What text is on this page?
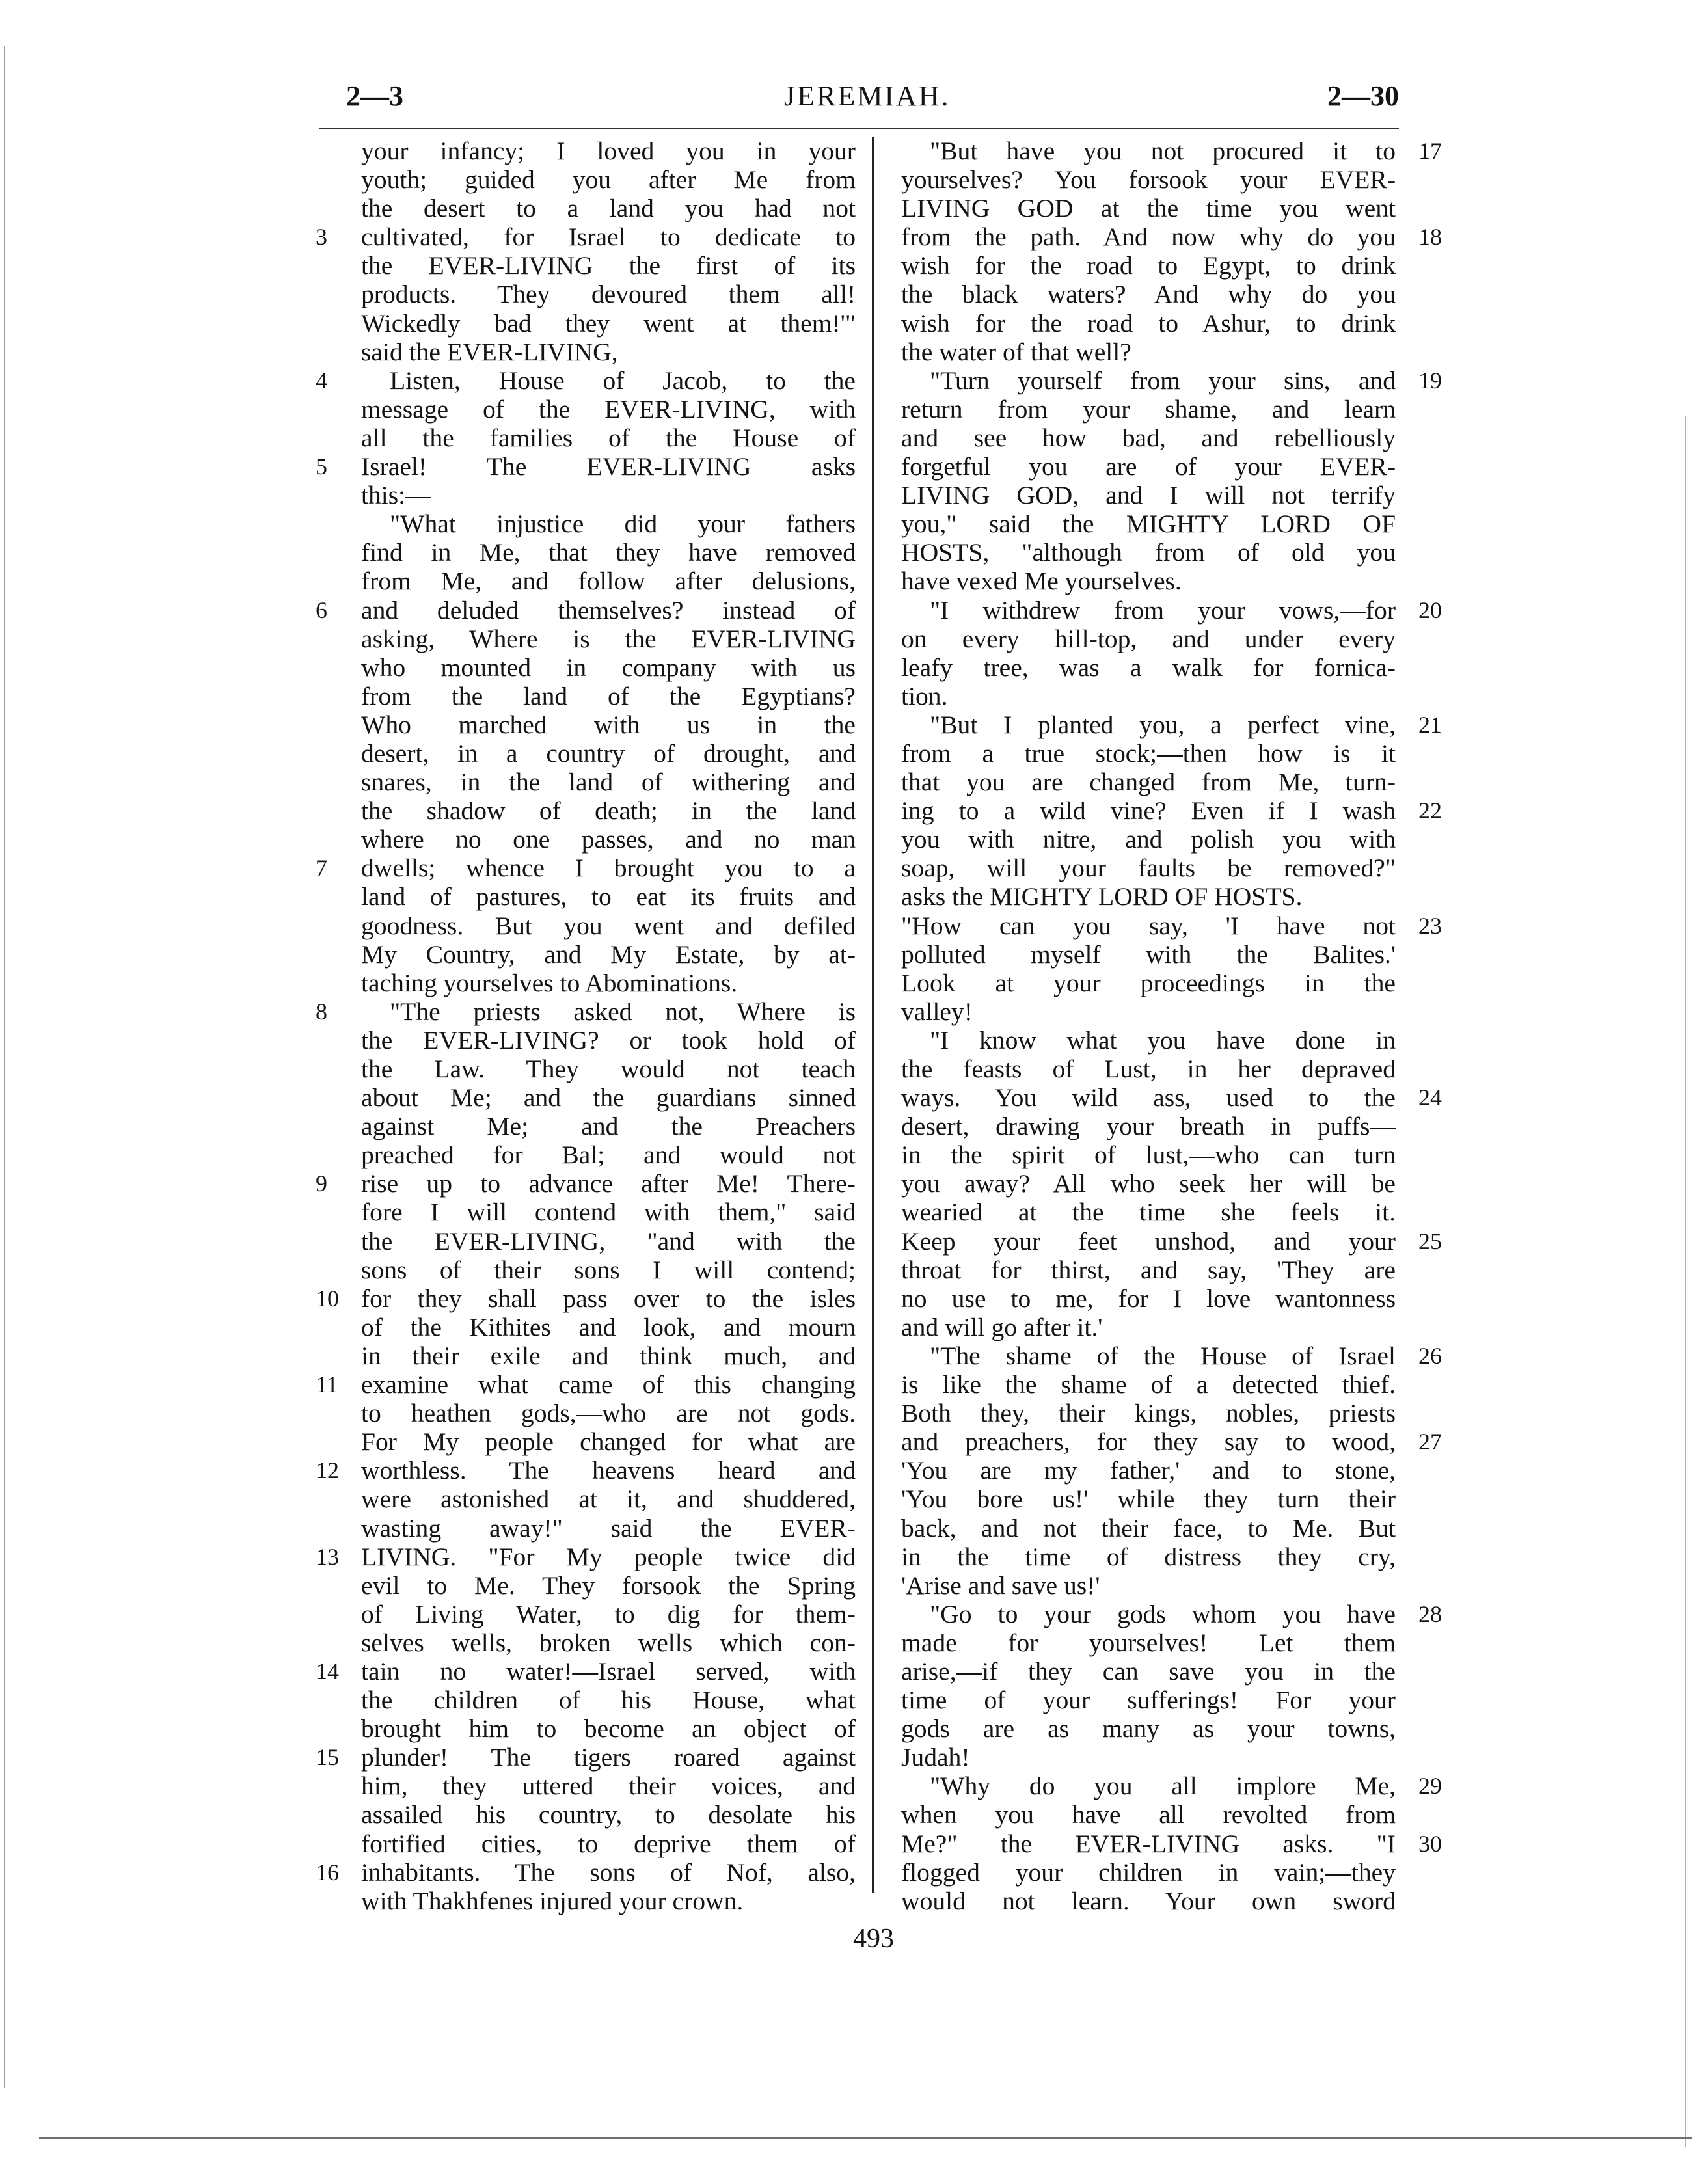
2—3	JEREMIAH.	2—30
your infancy; I loved you in your
youth; guided you after Me from
the desert to a land you had not
3	cultivated, for Israel to dedicate to
the EVER-LIVING the first of its
products. They devoured them all!
Wickedly bad they went at them!'"
said the EVER-LIVING,
4	Listen, House of Jacob, to the
message of the EVER-LIVING, with
all the families of the House of
5	Israel! The EVER-LIVING asks
this:—
"What injustice did your fathers
find in Me, that they have removed
from Me, and follow after delusions,
6	and deluded themselves? instead of
asking, Where is the EVER-LIVING
who mounted in company with us
from the land of the Egyptians?
Who marched with us in the
desert, in a country of drought, and
snares, in the land of withering and
the shadow of death; in the land
where no one passes, and no man
7	dwells; whence I brought you to a
land of pastures, to eat its fruits and
goodness. But you went and defiled
My Country, and My Estate, by at-
taching yourselves to Abominations.
8	"The priests asked not, Where is
the EVER-LIVING? or took hold of
the Law. They would not teach
about Me; and the guardians sinned
against Me; and the Preachers
preached for Bal; and would not
9	rise up to advance after Me! There-
fore I will contend with them," said
the EVER-LIVING, "and with the
sons of their sons I will contend;
10 for they shall pass over to the isles
of the Kithites and look, and mourn
in their exile and think much, and
11 examine what came of this changing
to heathen gods,—who are not gods.
For My people changed for what are
12 worthless. The heavens heard and
were astonished at it, and shuddered,
wasting away!" said the EVER-
13 LIVING. "For My people twice did
evil to Me. They forsook the Spring
of Living Water, to dig for them-
selves wells, broken wells which con-
14 tain no water!—Israel served, with
the children of his House, what
brought him to become an object of
15 plunder! The tigers roared against
him, they uttered their voices, and
assailed his country, to desolate his
fortified cities, to deprive them of
16 inhabitants. The sons of Nof, also,
with Thakhfenes injured your crown.
17
"But have you not procured it to
yourselves? You forsook your EVER-
LIVING GOD at the time you went
18
from the path. And now why do you
wish for the road to Egypt, to drink
the black waters? And why do you
wish for the road to Ashur, to drink
the water of that well?
19
"Turn yourself from your sins, and
return from your shame, and learn
and see how bad, and rebelliously
forgetful you are of your EVER-
LIVING GOD, and I will not terrify
you," said the MIGHTY LORD OF
HOSTS, "although from of old you
have vexed Me yourselves.
20
"I withdrew from your vows,—for
on every hill-top, and under every
leafy tree, was a walk for fornica-
tion.
21
"But I planted you, a perfect vine,
from a true stock;—then how is it
that you are changed from Me, turn-
22
ing to a wild vine? Even if I wash
you with nitre, and polish you with
soap, will your faults be removed?"
asks the MIGHTY LORD OF HOSTS.
23
"How can you say, 'I have not
polluted myself with the Balites.'
Look at your proceedings in the
valley!
"I know what you have done in
the feasts of Lust, in her depraved
24
ways. You wild ass, used to the
desert, drawing your breath in puffs—
in the spirit of lust,—who can turn
you away? All who seek her will be
wearied at the time she feels it.
25
Keep your feet unshod, and your
throat for thirst, and say, 'They are
no use to me, for I love wantonness
and will go after it.'
26
"The shame of the House of Israel
is like the shame of a detected thief.
Both they, their kings, nobles, priests
27
and preachers, for they say to wood,
'You are my father,' and to stone,
'You bore us!' while they turn their
back, and not their face, to Me. But
in the time of distress they cry,
'Arise and save us!'
28
"Go to your gods whom you have
made for yourselves! Let them
arise,—if they can save you in the
time of your sufferings! For your
gods are as many as your towns,
Judah!
29
"Why do you all implore Me,
when you have all revolted from
30
Me?" the EVER-LIVING asks. "I
flogged your children in vain;—they
would not learn. Your own sword
493
